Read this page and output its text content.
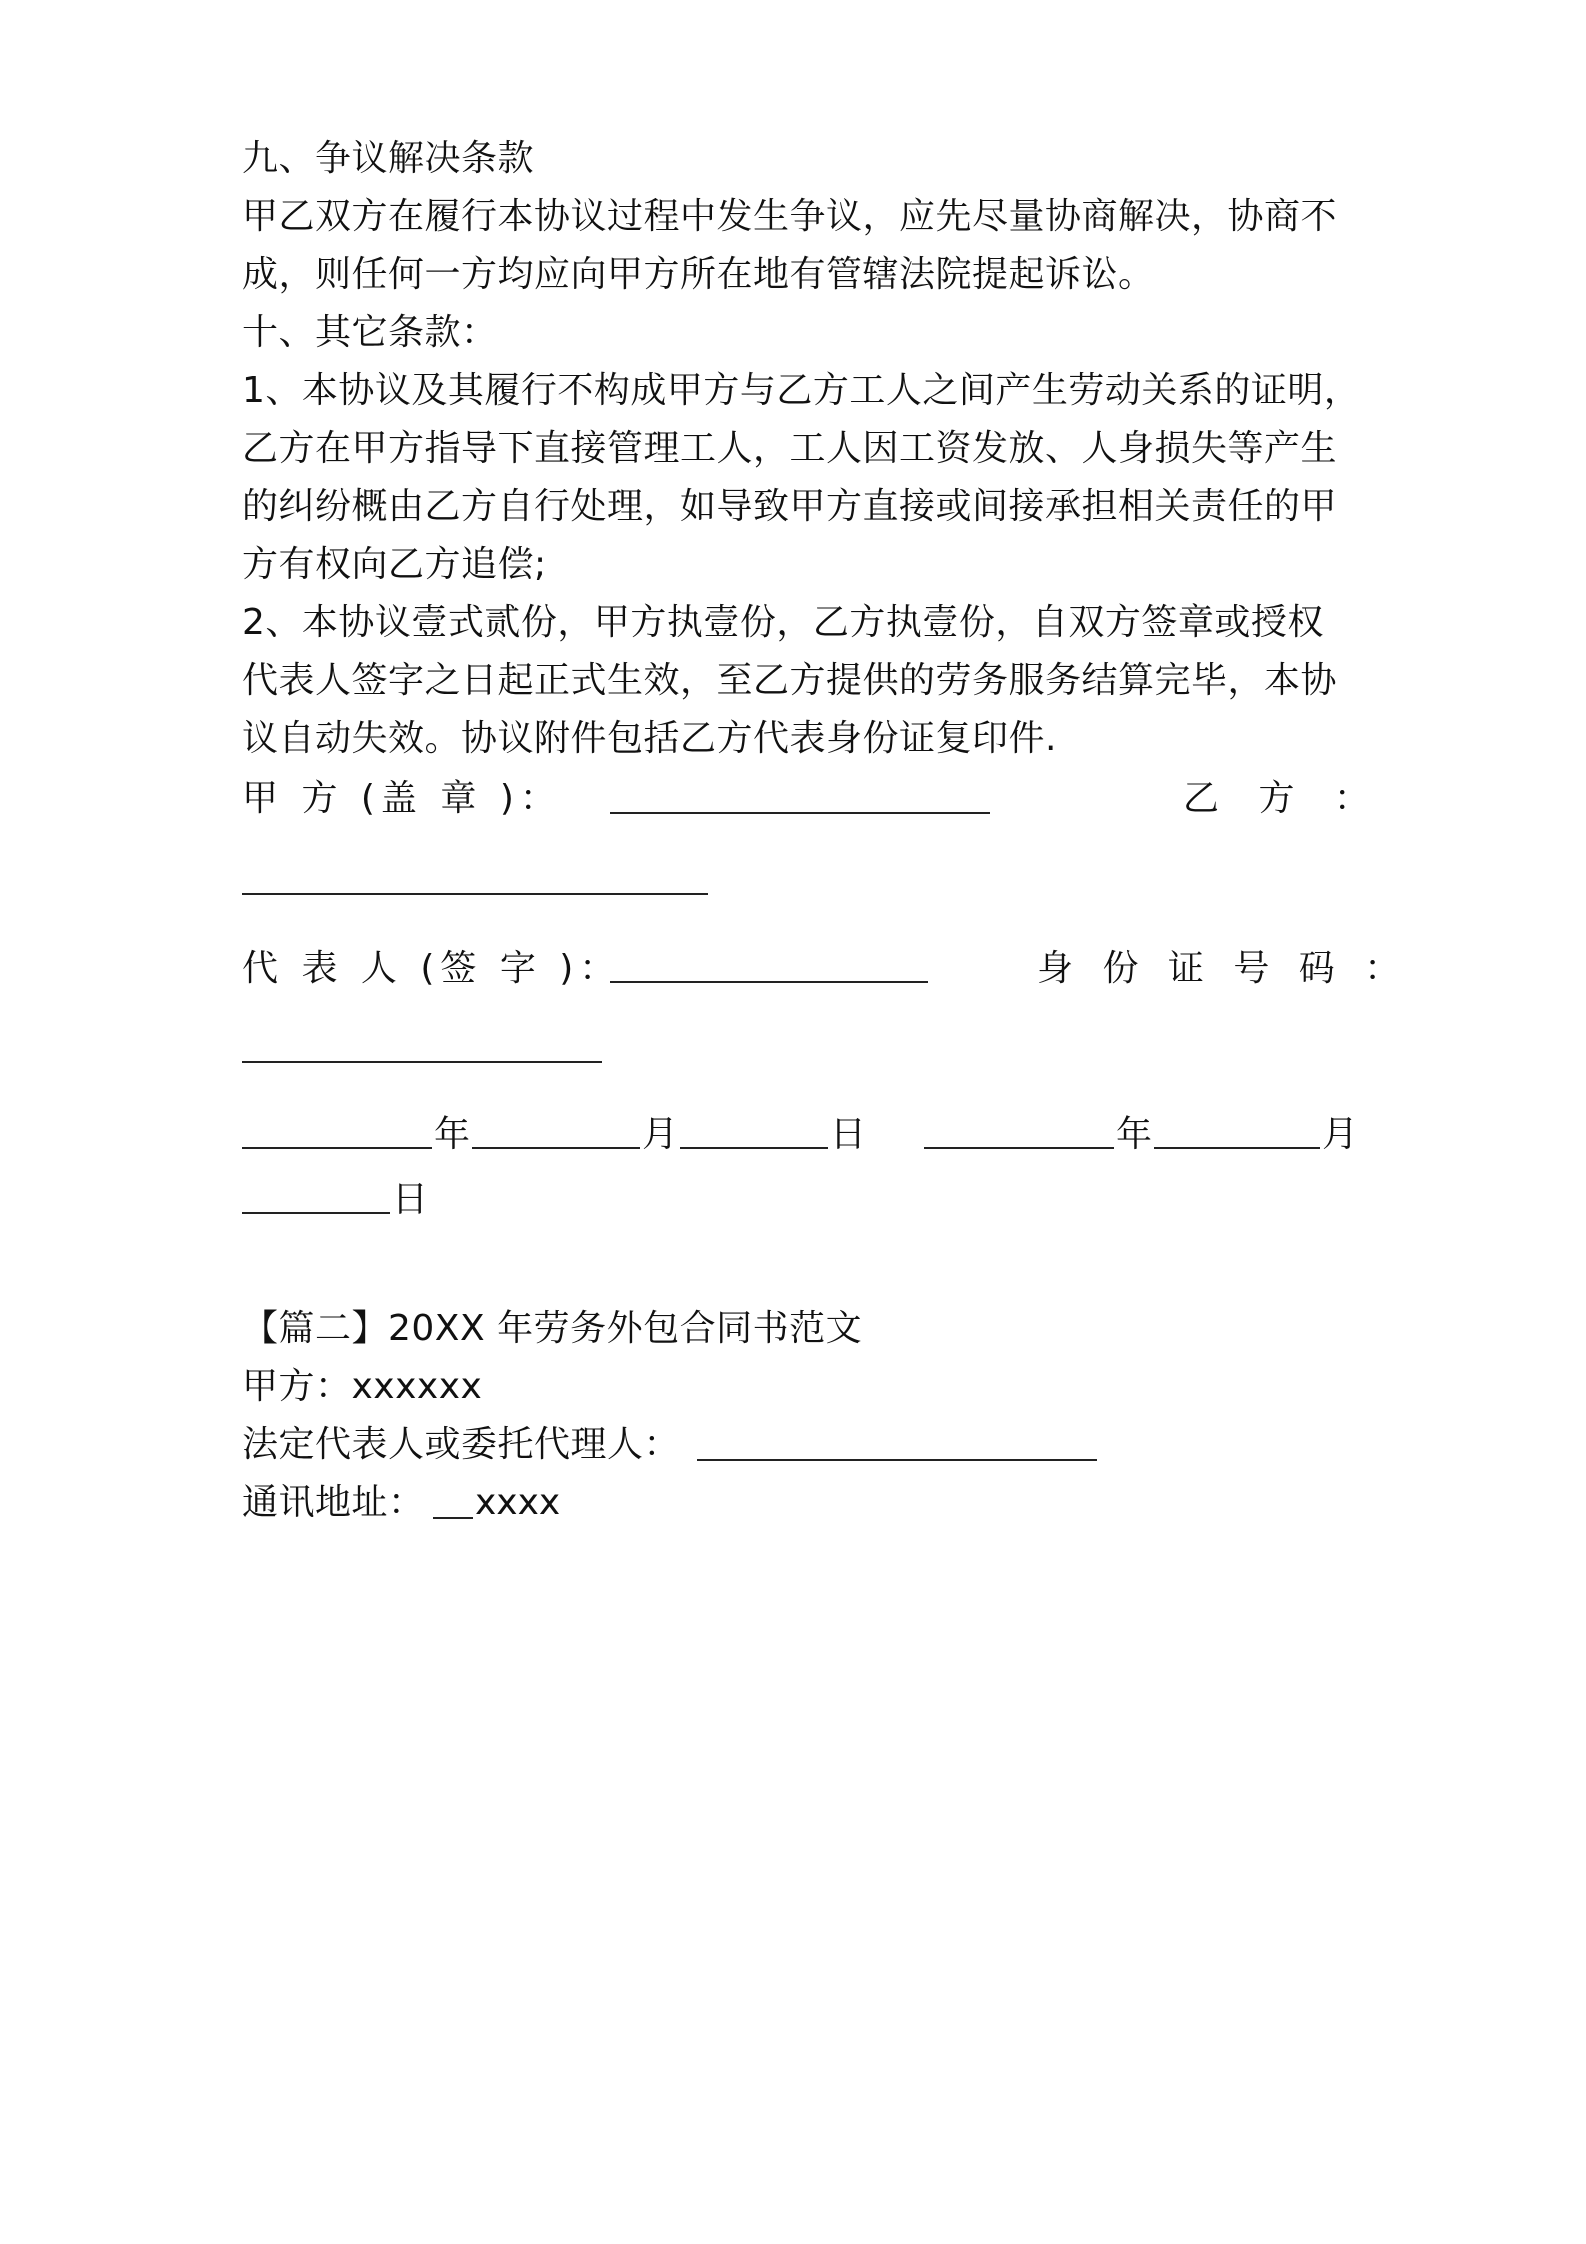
九、争议解决条款
甲乙双方在履行本协议过程中发生争议，应先尽量协商解决，协商不
成，则任何一方均应向甲方所在地有管辖法院提起诉讼。
十、其它条款：
1、本协议及其履行不构成甲方与乙方工人之间产生劳动关系的证明，
乙方在甲方指导下直接管理工人，工人因工资发放、人身损失等产生
的纠纷概由乙方自行处理，如导致甲方直接或间接承担相关责任的甲
方有权向乙方追偿;
2、本协议壹式贰份，甲方执壹份，乙方执壹份，自双方签章或授权
代表人签字之日起正式生效，至乙方提供的劳务服务结算完毕，本协
议自动失效。协议附件包括乙方代表身份证复印件.
甲 方 (盖 章 )：	乙 方 ：
代 表 人 (签 字 )：	身 份 证 号 码 ：
年	月	日	年	月
日
【篇二】20XX 年劳务外包合同书范文
甲方：xxxxxx
法定代表人或委托代理人：
通讯地址： xxxx
